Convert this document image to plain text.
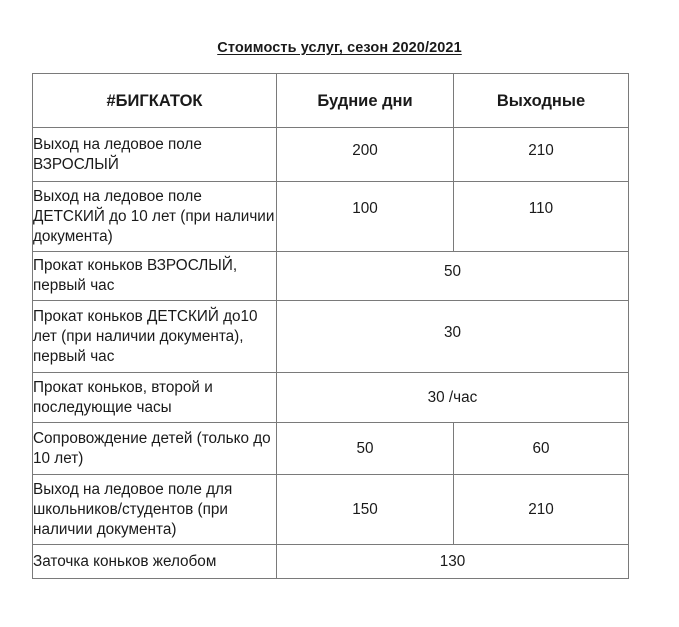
Стоимость услуг, сезон 2020/2021
#БИГКАТОК	Будние дни	Выходные
Выход на ледовое поле ВЗРОСЛЫЙ	200	210
Выход на ледовое поле ДЕТСКИЙ до 10 лет (при наличии документа)	100	110
Прокат коньков ВЗРОСЛЫЙ, первый час	50	
Прокат коньков ДЕТСКИЙ до10 лет (при наличии документа), первый час	30	
Прокат коньков, второй и последующие часы	30 /час	
Сопровождение детей (только до 10 лет)	50	60
Выход на ледовое поле для школьников/студентов (при наличии документа)	150	210
Заточка коньков желобом	130	
